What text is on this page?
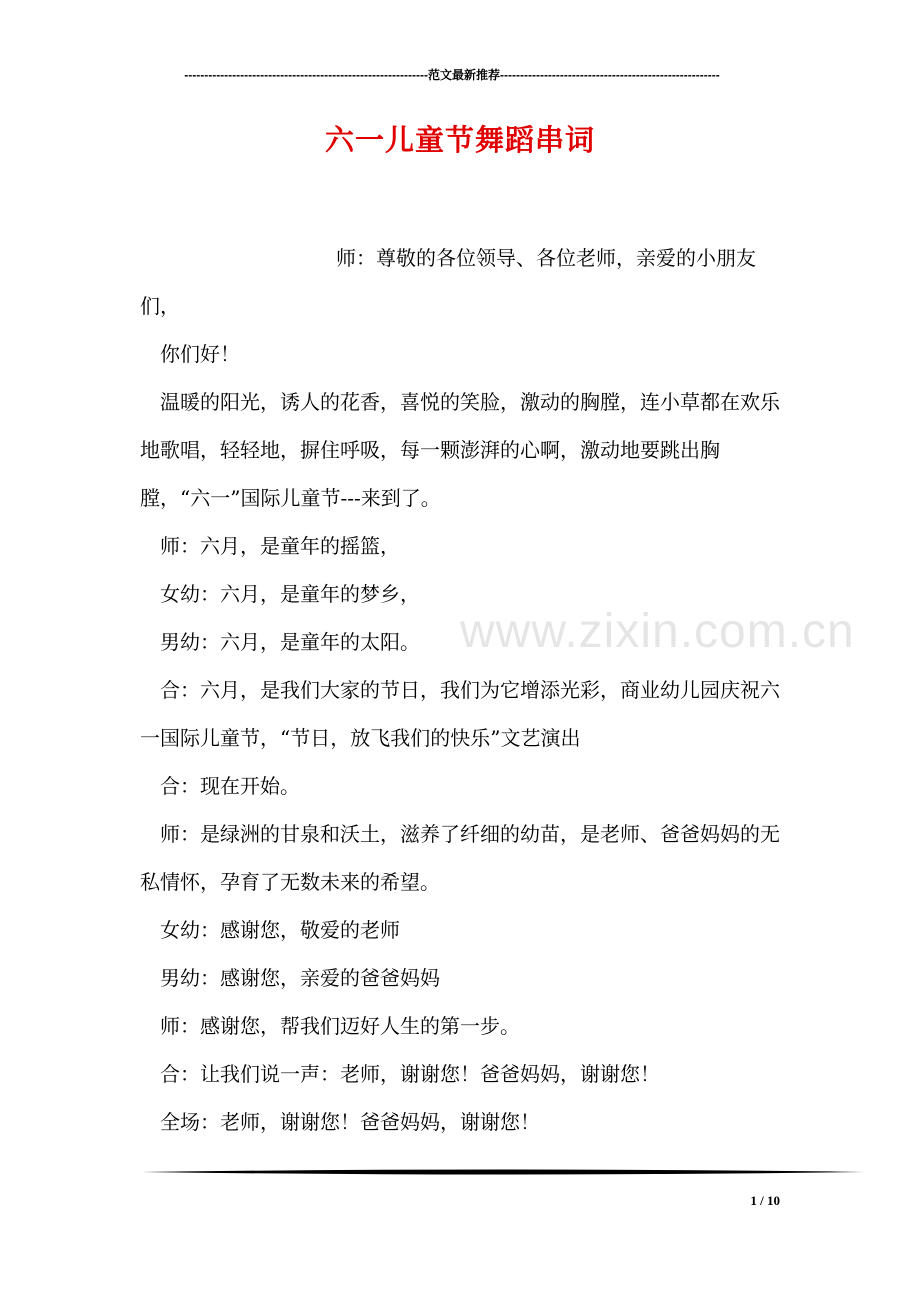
-------------------------------------------------------------范文最新推荐-------------------------------------------------------
六一儿童节舞蹈串词

师：尊敬的各位领导、各位老师，亲爱的小朋友们，

你们好！

温暖的阳光，诱人的花香，喜悦的笑脸，激动的胸膛，连小草都在欢乐地歌唱，轻轻地，摒住呼吸，每一颗澎湃的心啊，激动地要跳出胸膛，“六一”国际儿童节---来到了。

师：六月，是童年的摇篮，

女幼：六月，是童年的梦乡，

男幼：六月，是童年的太阳。

合：六月，是我们大家的节日，我们为它增添光彩，商业幼儿园庆祝六一国际儿童节，“节日，放飞我们的快乐”文艺演出

合：现在开始。

师：是绿洲的甘泉和沃土，滋养了纤细的幼苗，是老师、爸爸妈妈的无私情怀，孕育了无数未来的希望。

女幼：感谢您，敬爱的老师

男幼：感谢您，亲爱的爸爸妈妈

师：感谢您，帮我们迈好人生的第一步。

合：让我们说一声：老师，谢谢您！爸爸妈妈，谢谢您！

全场：老师，谢谢您！爸爸妈妈，谢谢您！

www.zixin.com.cn
1 / 10
